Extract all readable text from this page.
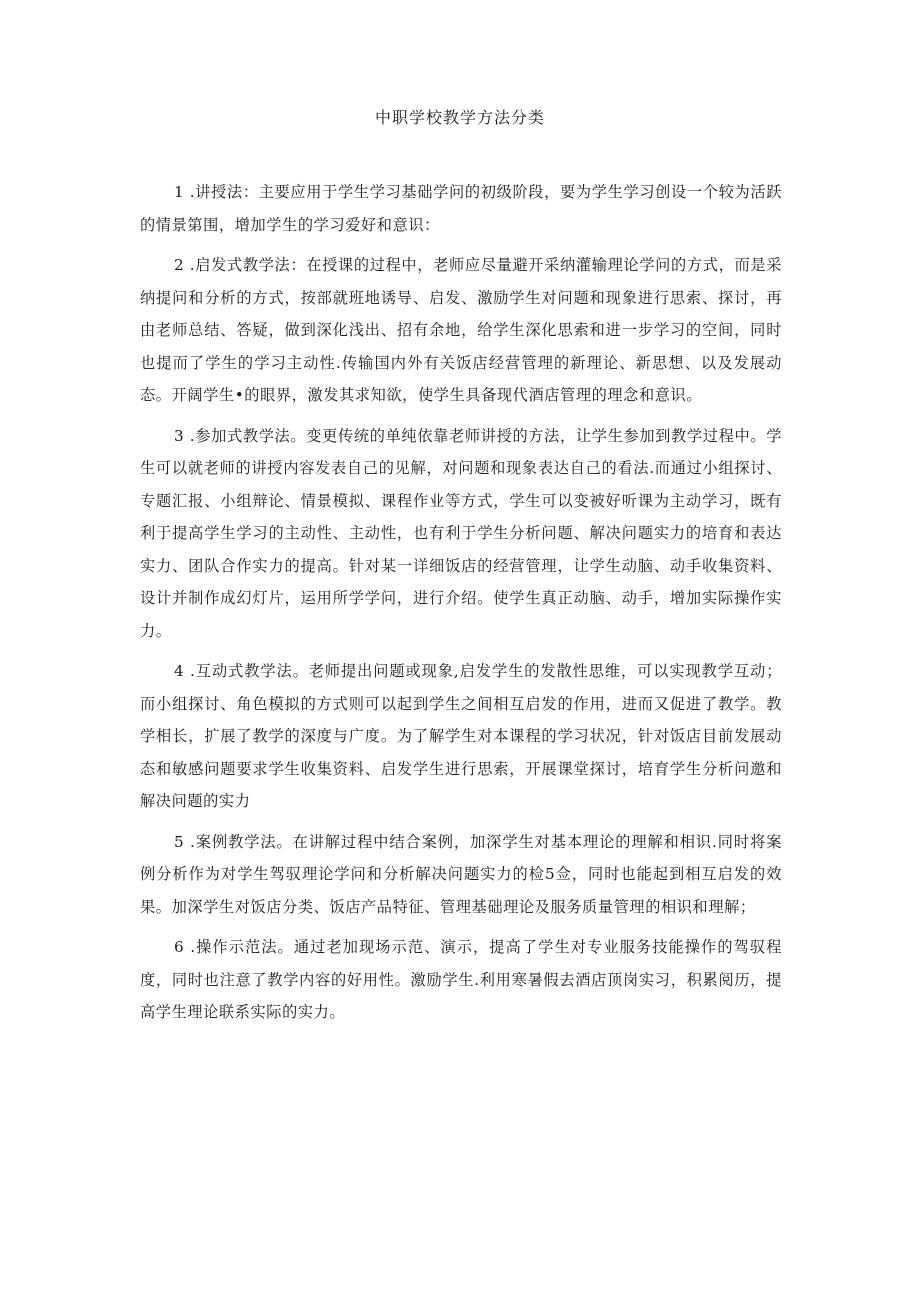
中职学校教学方法分类

1 .讲授法：主要应用于学生学习基础学问的初级阶段，要为学生学习创设一个较为活跃的情景第围，增加学生的学习爱好和意识：

2 .启发式教学法：在授课的过程中，老师应尽量避开采纳灌输理论学问的方式，而是采纳提问和分析的方式，按部就班地诱导、启发、激励学生对问题和现象进行思索、探讨，再由老师总结、答疑，做到深化浅出、招有余地，给学生深化思索和进一步学习的空间，同时也提而了学生的学习主动性.传输国内外有关饭店经营管理的新理论、新思想、以及发展动态。开阔学生•的眼界，激发其求知欲，使学生具备现代酒店管理的理念和意识。

3 .参加式教学法。变更传统的单纯依靠老师讲授的方法，让学生参加到教学过程中。学生可以就老师的讲授内容发表自己的见解，对问题和现象表达自己的看法.而通过小组探讨、专题汇报、小组辩论、情景模拟、课程作业等方式，学生可以变被好听课为主动学习，既有利于提高学生学习的主动性、主动性，也有利于学生分析问题、解决问题实力的培育和表达实力、团队合作实力的提高。针对某一详细饭店的经营管理，让学生动脑、动手收集资料、设计并制作成幻灯片，运用所学学问，进行介绍。使学生真正动脑、动手，增加实际操作实力。

4 .互动式教学法。老师提出问题或现象,启发学生的发散性思维，可以实现教学互动；而小组探讨、角色模拟的方式则可以起到学生之间相互启发的作用，进而又促进了教学。教学相长，扩展了教学的深度与广度。为了解学生对本课程的学习状况，针对饭店目前发展动态和敏感问题要求学生收集资料、启发学生进行思索，开展课堂探讨，培育学生分析问邀和解决问题的实力

5 .案例教学法。在讲解过程中结合案例，加深学生对基本理论的理解和相识.同时将案例分析作为对学生驾驭理论学问和分析解决问题实力的检5佥，同时也能起到相互启发的效果。加深学生对饭店分类、饭店产品特征、管理基础理论及服务质量管理的相识和理解；

6 .操作示范法。通过老加现场示范、演示，提高了学生对专业服务技能操作的驾驭程度，同时也注意了教学内容的好用性。激励学生.利用寒暑假去酒店顶岗实习，积累阅历，提高学生理论联系实际的实力。
